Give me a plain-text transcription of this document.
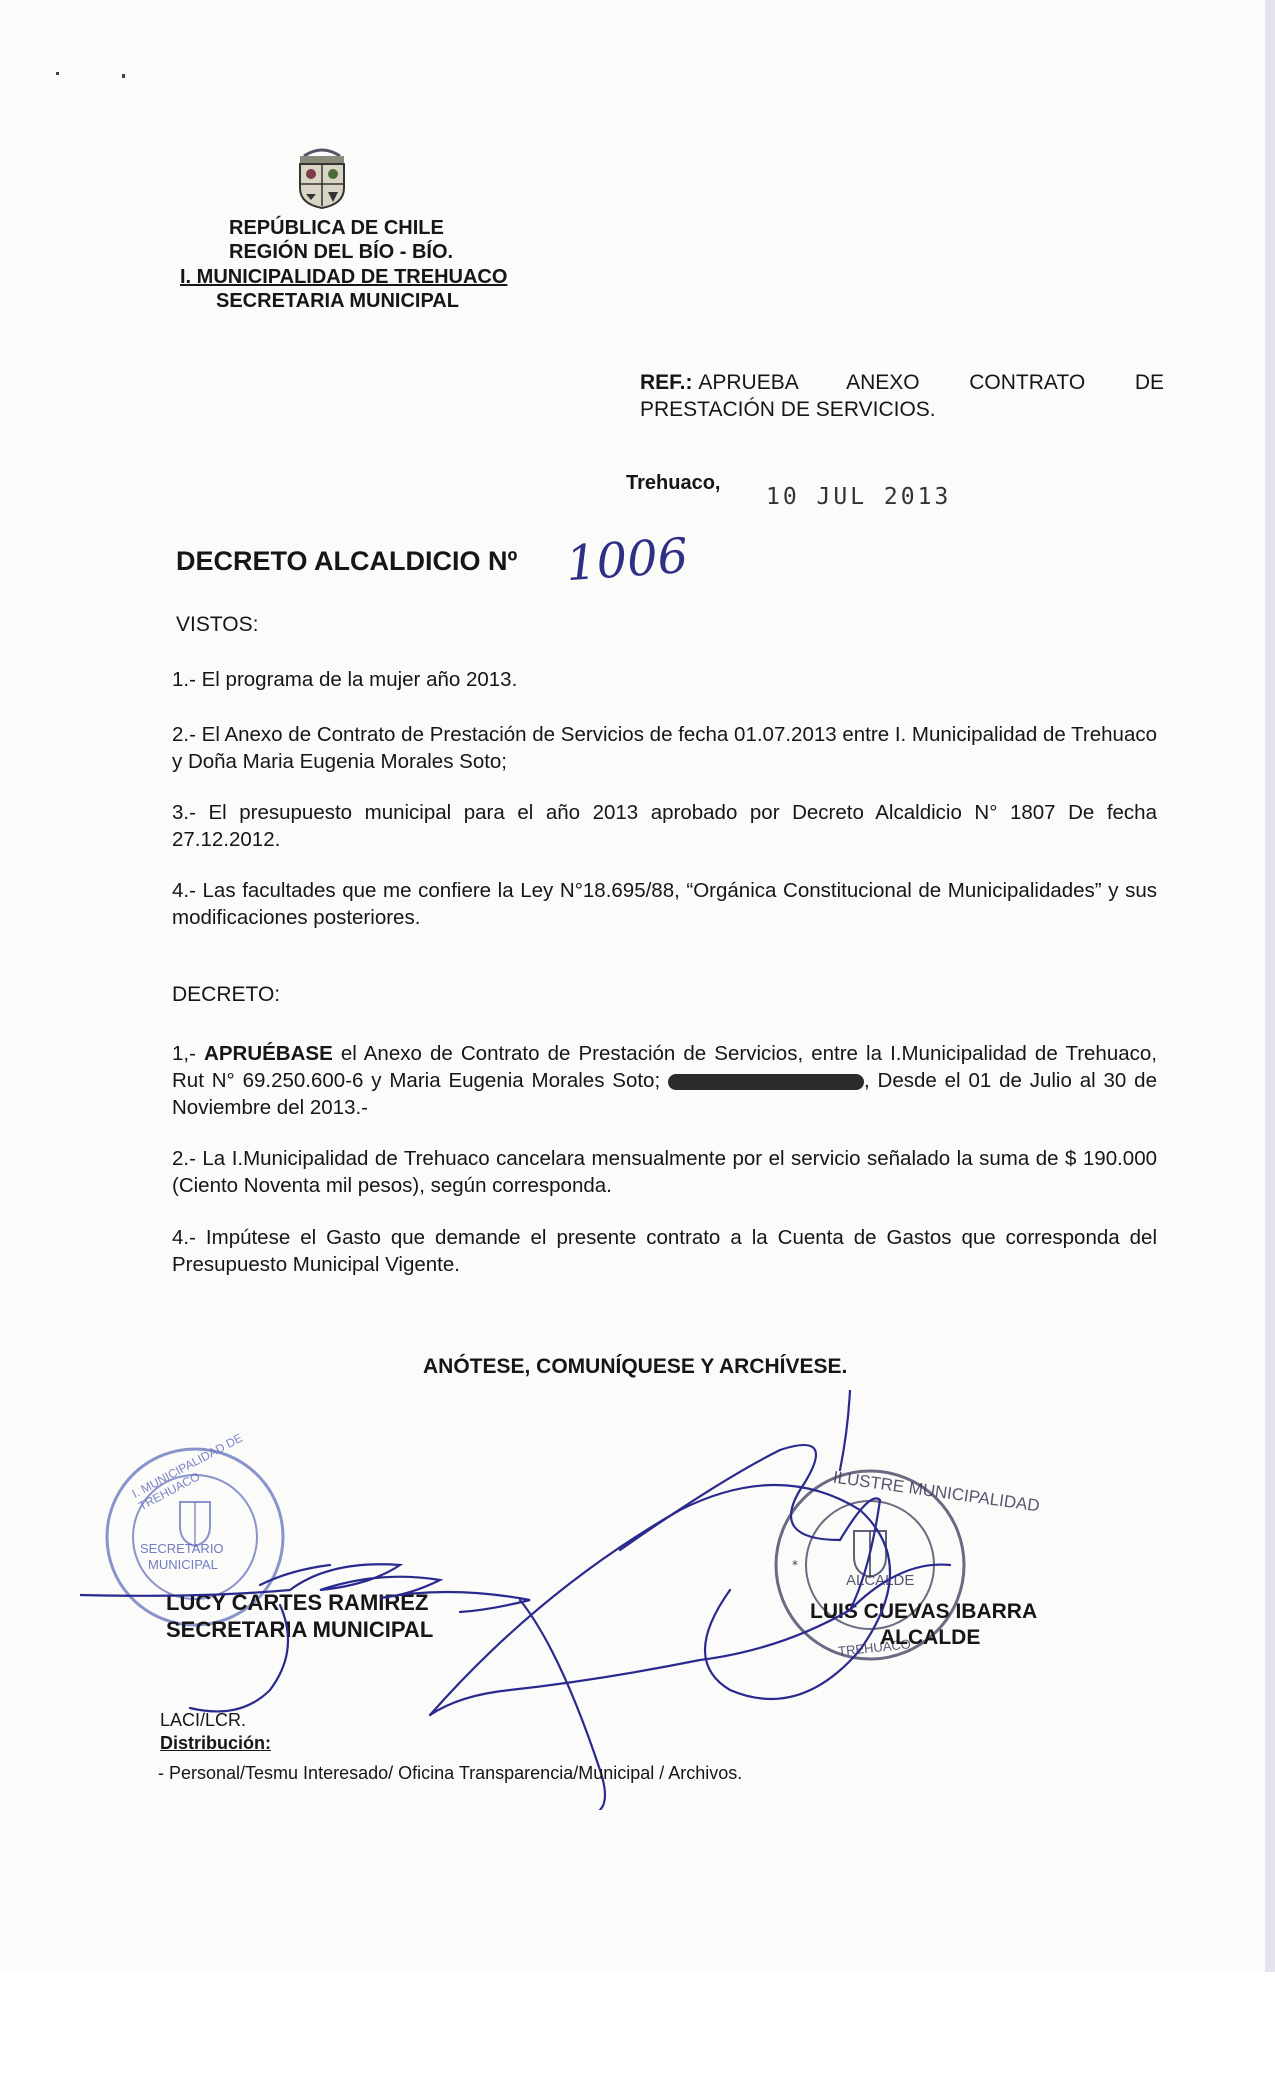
REPÚBLICA DE CHILE
REGIÓN DEL BÍO - BÍO.
I. MUNICIPALIDAD DE TREHUACO
SECRETARIA MUNICIPAL
REF.: APRUEBA ANEXO CONTRATO DE
PRESTACIÓN DE SERVICIOS.
Trehuaco,
10 JUL 2013
DECRETO ALCALDICIO Nº 1006
VISTOS:
1.- El programa de la mujer año 2013.
2.- El Anexo de Contrato de Prestación de Servicios de fecha 01.07.2013 entre I. Municipalidad de Trehuaco y Doña Maria Eugenia Morales Soto;
3.- El presupuesto municipal para el año 2013 aprobado por Decreto Alcaldicio N° 1807 De fecha 27.12.2012.
4.- Las facultades que me confiere la Ley N°18.695/88, “Orgánica Constitucional de Municipalidades” y sus modificaciones posteriores.
DECRETO:
1,- APRUÉBASE el Anexo de Contrato de Prestación de Servicios, entre la I.Municipalidad de Trehuaco, Rut N° 69.250.600-6 y Maria Eugenia Morales Soto;	, Desde el 01 de Julio al 30 de Noviembre del 2013.-
2.- La I.Municipalidad de Trehuaco cancelara mensualmente por el servicio señalado la suma de $ 190.000 (Ciento Noventa mil pesos), según corresponda.
4.- Impútese el Gasto que demande el presente contrato a la Cuenta de Gastos que corresponda del Presupuesto Municipal Vigente.
ANÓTESE, COMUNÍQUESE Y ARCHÍVESE.
I. MUNICIPALIDAD DE TREHUACO
SECRETARIO
MUNICIPAL	*
ILUSTRE MUNICIPALIDAD
ALCALDE
TREHUACO
LUCY CARTES RAMIREZ
SECRETARIA MUNICIPAL
LUIS CUEVAS IBARRA
ALCALDE
LACI/LCR.
Distribución:
- Personal/Tesmu Interesado/ Oficina Transparencia/Municipal / Archivos.
